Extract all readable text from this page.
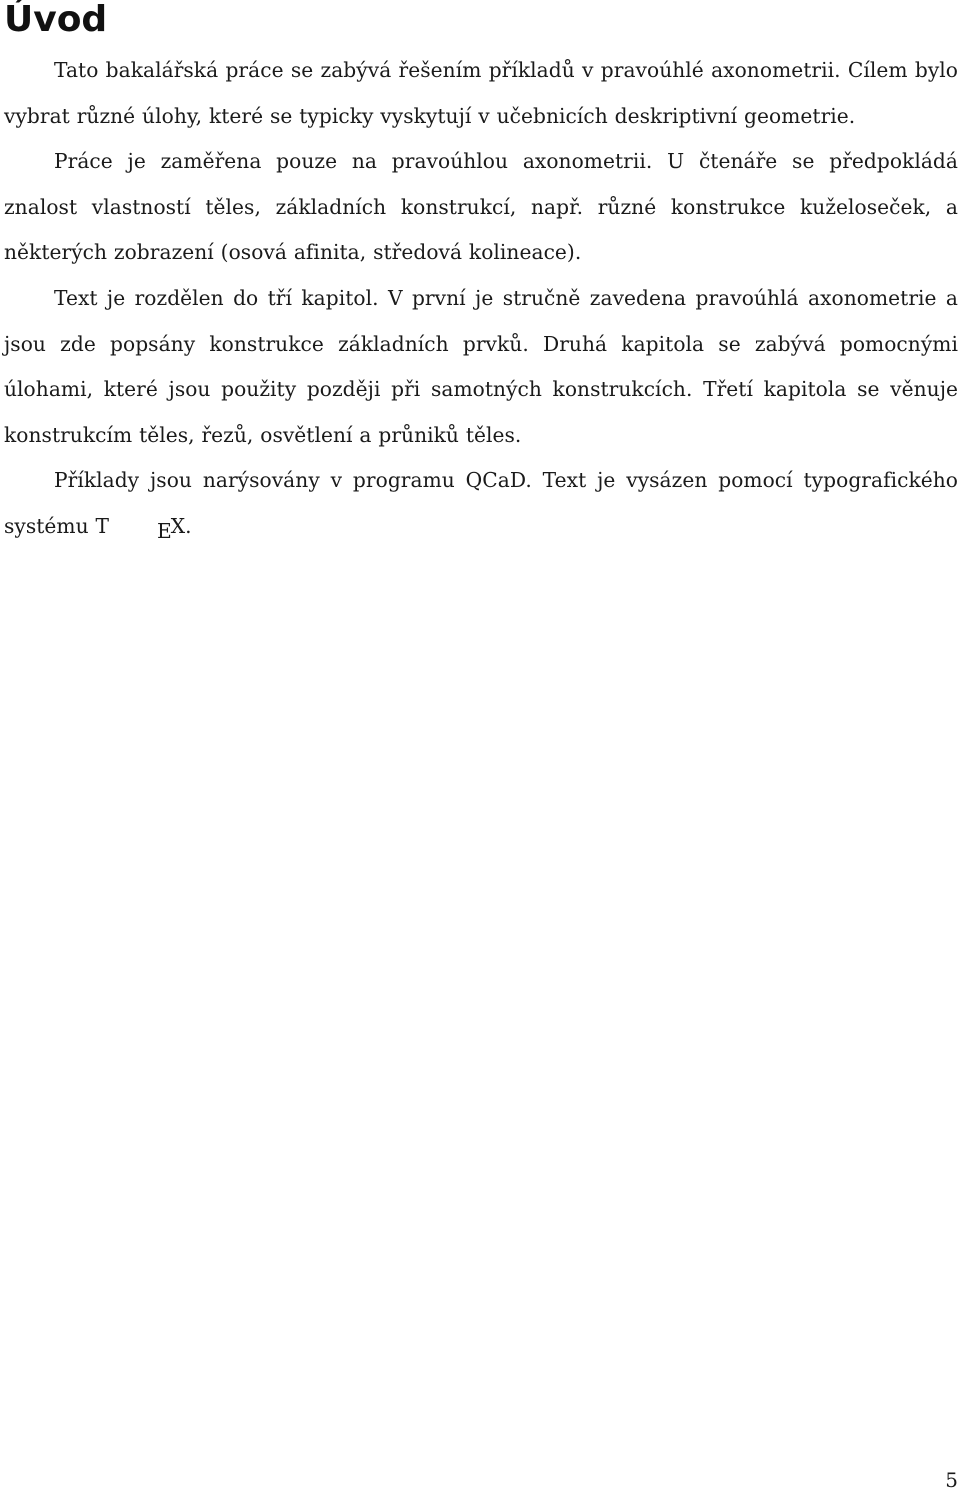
Úvod

Tato bakalářská práce se zabývá řešením příkladů v pravoúhlé axonometrii. Cílem bylo vybrat různé úlohy, které se typicky vyskytují v učebnicích deskriptivní geometrie.

Práce je zaměřena pouze na pravoúhlou axonometrii. U čtenáře se předpokládá znalost vlastností těles, základních konstrukcí, např. různé konstrukce kuželoseček, a některých zobrazení (osová afinita, středová kolineace).

Text je rozdělen do tří kapitol. V první je stručně zavedena pravoúhlá axonometrie a jsou zde popsány konstrukce základních prvků. Druhá kapitola se zabývá pomocnými úlohami, které jsou použity později při samotných konstrukcích. Třetí kapitola se věnuje konstrukcím těles, řezů, osvětlení a průniků těles.

Příklady jsou narýsovány v programu QCaD. Text je vysázen pomocí typografického systému T EX.

5
